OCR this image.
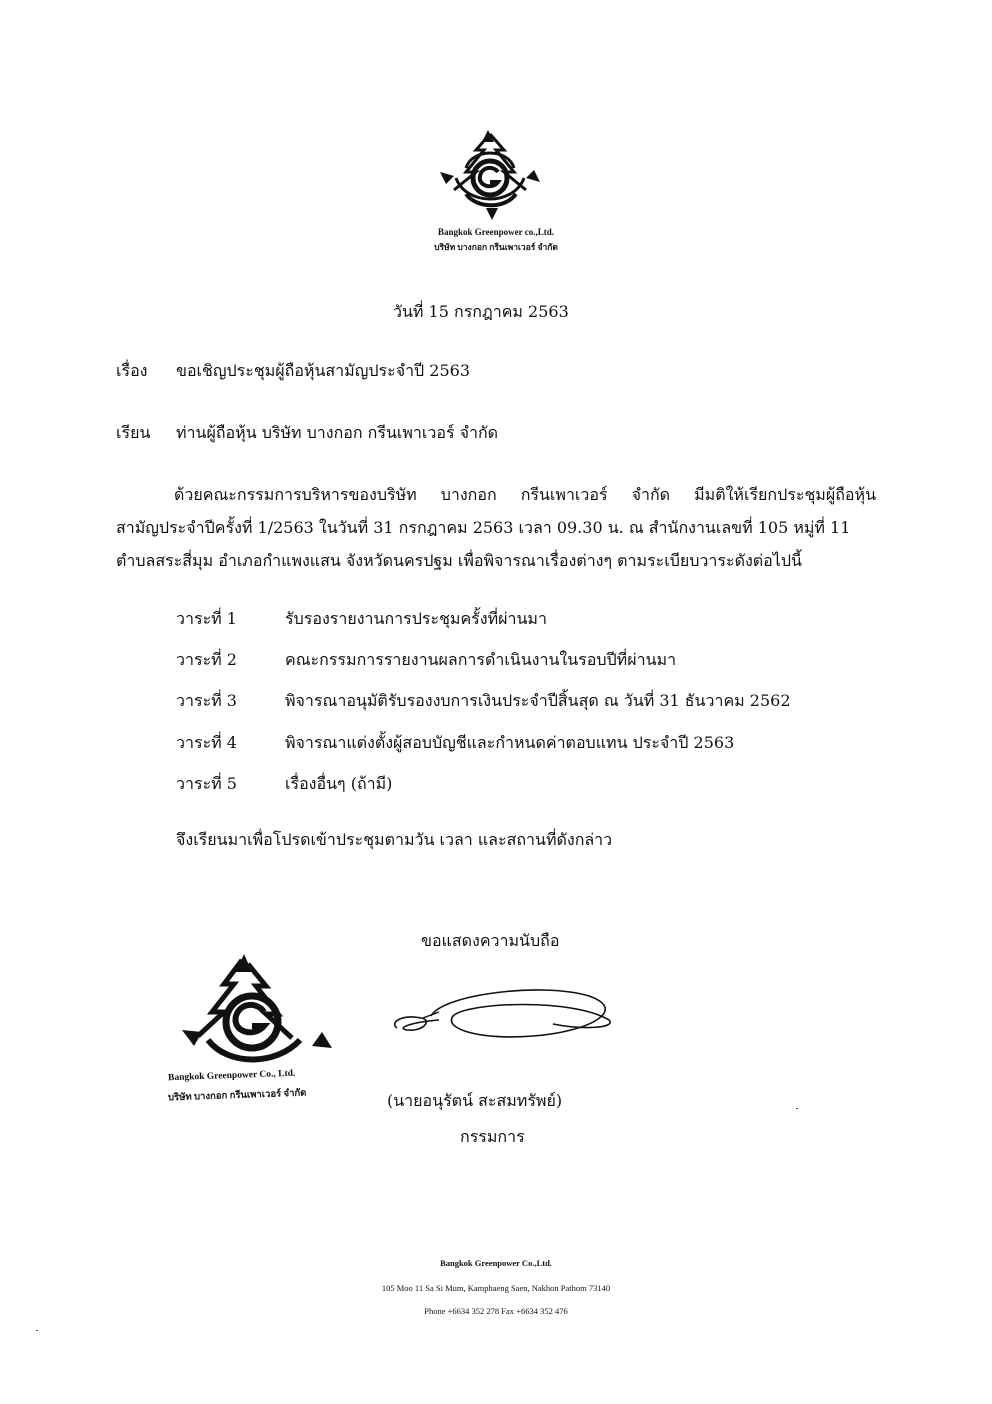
Bangkok Greenpower co.,Ltd.
บริษัท บางกอก กรีนเพาเวอร์ จำกัด
วันที่ 15 กรกฎาคม 2563
เรื่อง ขอเชิญประชุมผู้ถือหุ้นสามัญประจำปี 2563
เรียน ท่านผู้ถือหุ้น บริษัท บางกอก กรีนเพาเวอร์ จำกัด
ด้วยคณะกรรมการบริหารของบริษัท บางกอก กรีนเพาเวอร์ จำกัด มีมติให้เรียกประชุมผู้ถือหุ้น
สามัญประจำปีครั้งที่ 1/2563 ในวันที่ 31 กรกฎาคม 2563 เวลา 09.30 น. ณ สำนักงานเลขที่ 105 หมู่ที่ 11
ตำบลสระสี่มุม อำเภอกำแพงแสน จังหวัดนครปฐม เพื่อพิจารณาเรื่องต่างๆ ตามระเบียบวาระดังต่อไปนี้
วาระที่ 1	รับรองรายงานการประชุมครั้งที่ผ่านมา
วาระที่ 2	คณะกรรมการรายงานผลการดำเนินงานในรอบปีที่ผ่านมา
วาระที่ 3	พิจารณาอนุมัติรับรองงบการเงินประจำปีสิ้นสุด ณ วันที่ 31 ธันวาคม 2562
วาระที่ 4	พิจารณาแต่งตั้งผู้สอบบัญชีและกำหนดค่าตอบแทน ประจำปี 2563
วาระที่ 5	เรื่องอื่นๆ (ถ้ามี)
จึงเรียนมาเพื่อโปรดเข้าประชุมตามวัน เวลา และสถานที่ดังกล่าว
ขอแสดงความนับถือ
Bangkok Greenpower Co., Ltd.
บริษัท บางกอก กรีนเพาเวอร์ จำกัด	(นายอนุรัตน์ สะสมทรัพย์)
กรรมการ
Bangkok Greenpower Co.,Ltd.
105 Moo 11 Sa Si Mum, Kamphaeng Saen, Nakhon Pathom 73140
Phone +6634 352 278 Fax +6634 352 476
